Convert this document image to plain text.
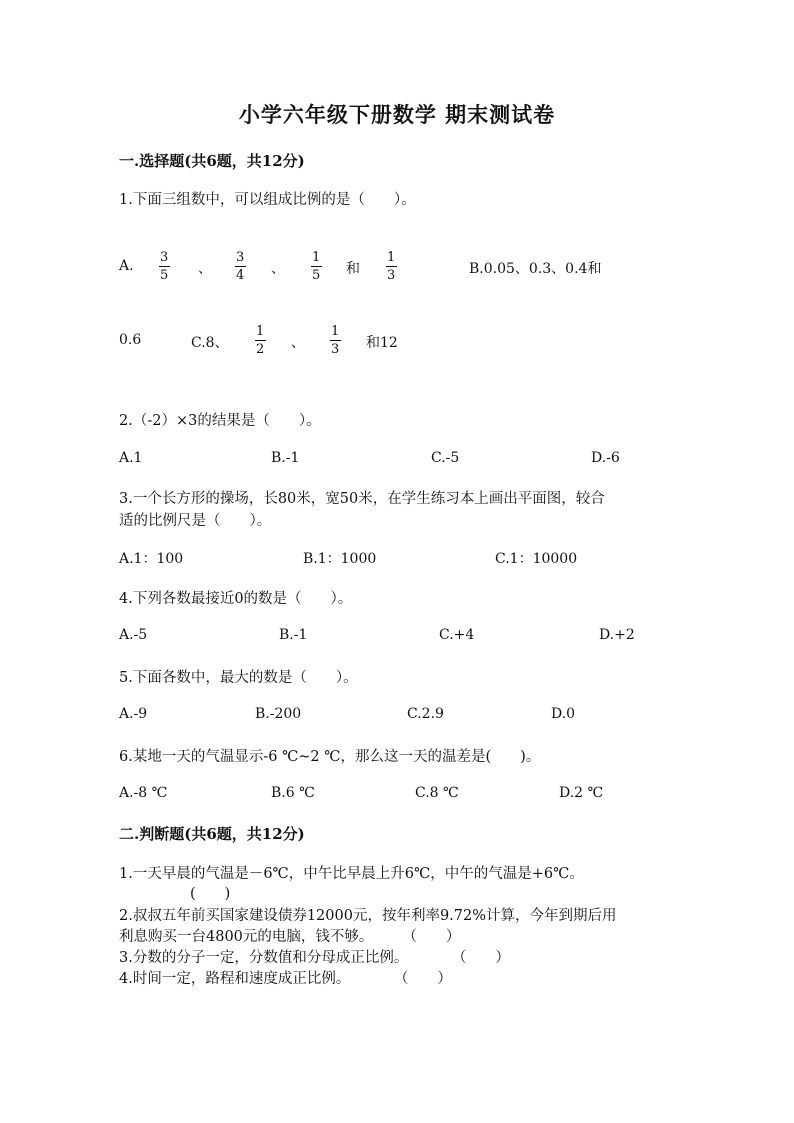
小学六年级下册数学 期末测试卷
一.选择题(共6题，共12分)
1.下面三组数中，可以组成比例的是（　　）。
A.
3
5 、
3
4 、
1
5 和
1
3	B.0.05、0.3、0.4和
0.6	C.8、
1
2 、
1
3 和12
2.（-2）×3的结果是（　　）。
A.1	B.-1	C.-5	D.-6
3.一个长方形的操场，长80米，宽50米，在学生练习本上画出平面图，较合
适的比例尺是（　　）。
A.1：100	B.1：1000	C.1：10000
4.下列各数最接近0的数是（　　）。
A.-5	B.-1	C.+4	D.+2
5.下面各数中，最大的数是（　　）。
A.-9	B.-200	C.2.9	D.0
6.某地一天的气温显示-6 ℃~2 ℃，那么这一天的温差是(　　)。
A.-8 ℃	B.6 ℃	C.8 ℃	D.2 ℃
二.判断题(共6题，共12分)
1.一天早晨的气温是－6℃，中午比早晨上升6℃，中午的气温是+6℃。
(　　)
2.叔叔五年前买国家建设债券12000元，按年利率9.72%计算，今年到期后用
利息购买一台4800元的电脑，钱不够。　　　（　　）
3.分数的分子一定，分数值和分母成正比例。　　　　（　　）
4.时间一定，路程和速度成正比例。　　　　（　　）
